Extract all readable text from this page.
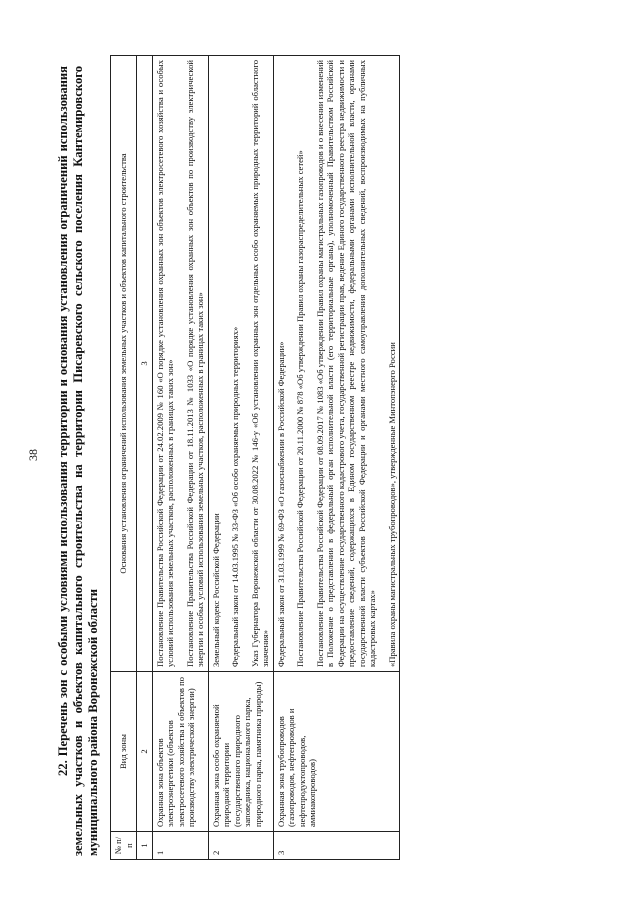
38 22. Перечень зон с особыми условиями использования территории и основания установления ограничений использования земельных участков и объектов капитального строительства на территории Писаревского сельского поселения Кантемировского муниципального района Воронежской области № п/п	Вид зоны	Основания установления ограничений использования земельных участков и объектов капитального строительства
1	2	3
1	Охранная зона объектов электроэнергетики (объектов электросетевого хозяйства и объектов по производству электрической энергии)	Постановление Правительства Российской Федерации от 24.02.2009 № 160 «О порядке установления охранных зон объектов электросетевого хозяйства и особых условий использования земельных участков, расположенных в границах таких зон» Постановление Правительства Российской Федерации от 18.11.2013 № 1033 «О порядке установления охранных зон объектов по производству электрической энергии и особых условий использования земельных участков, расположенных в границах таких зон»

2	Охранная зона особо охраняемой природной территории (государственного природного заповедника, национального парка, природного парка, памятника природы)	Земельный кодекс Российской Федерации Федеральный закон от 14.03.1995 № 33-ФЗ «Об особо охраняемых природных территориях» Указ Губернатора Воронежской области от 30.08.2022 № 146-у «Об установлении охранных зон отдельных особо охраняемых природных территорий областного значения»

3	Охранная зона трубопроводов (газопроводов, нефтепроводов и нефтепродуктопроводов, аммиакопроводов)	Федеральный закон от 31.03.1999 № 69-ФЗ «О газоснабжении в Российской Федерации» Постановление Правительства Российской Федерации от 20.11.2000 № 878 «Об утверждении Правил охраны газораспределительных сетей» Постановление Правительства Российской Федерации от 08.09.2017 № 1083 «Об утверждении Правил охраны магистральных газопроводов и о внесении изменений в Положение о представлении в федеральный орган исполнительной власти (его территориальные органы), уполномоченный Правительством Российской Федерации на осуществление государственного кадастрового учета, государственной регистрации прав, ведение Единого государственного реестра недвижимости и предоставление сведений, содержащихся в Едином государственном реестре недвижимости, федеральными органами исполнительной власти, органами государственной власти субъектов Российской Федерации и органами местного самоуправления дополнительных сведений, воспроизводимых на публичных кадастровых картах» «Правила охраны магистральных трубопроводов», утвержденные Минтопэнерго России
